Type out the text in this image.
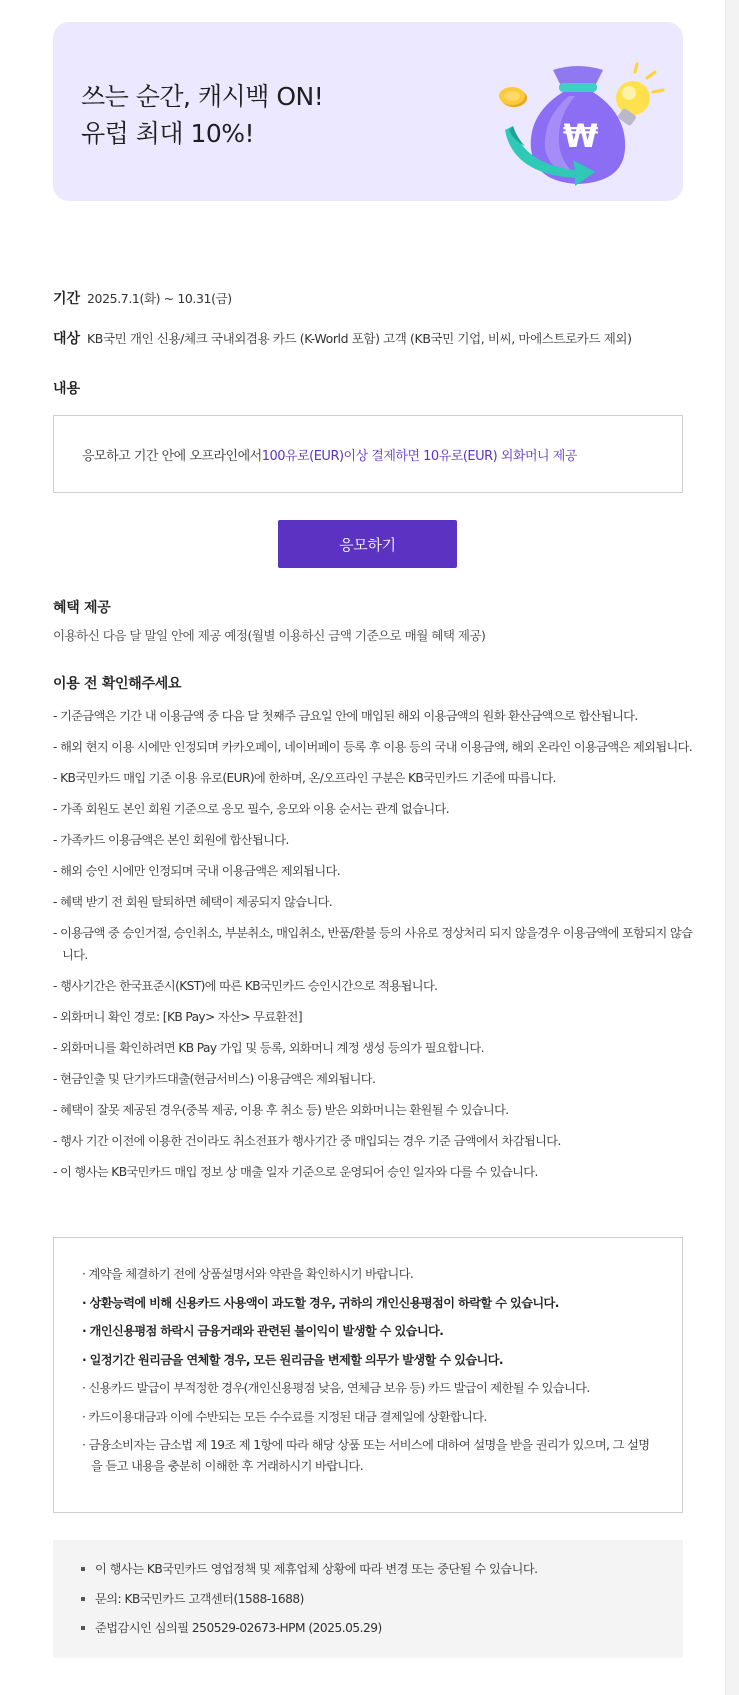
쓰는 순간, 캐시백 ON!
유럽 최대 10%!	₩
기간 2025.7.1(화) ~ 10.31(금)
대상 KB국민 개인 신용/체크 국내외겸용 카드 (K-World 포함) 고객 (KB국민 기업, 비씨, 마에스트로카드 제외)
내용
응모하고 기간 안에 오프라인에서 100유로(EUR)이상 결제하면 10유로(EUR) 외화머니 제공
응모하기
혜택 제공
이용하신 다음 달 말일 안에 제공 예정(월별 이용하신 금액 기준으로 매월 혜택 제공)
이용 전 확인해주세요
- 기준금액은 기간 내 이용금액 중 다음 달 첫째주 금요일 안에 매입된 해외 이용금액의 원화 환산금액으로 합산됩니다.
- 해외 현지 이용 시에만 인정되며 카카오페이, 네이버페이 등록 후 이용 등의 국내 이용금액, 해외 온라인 이용금액은 제외됩니다.
- KB국민카드 매입 기준 이용 유로(EUR)에 한하며, 온/오프라인 구분은 KB국민카드 기준에 따릅니다.
- 가족 회원도 본인 회원 기준으로 응모 필수, 응모와 이용 순서는 관계 없습니다.
- 가족카드 이용금액은 본인 회원에 합산됩니다.
- 해외 승인 시에만 인정되며 국내 이용금액은 제외됩니다.
- 혜택 받기 전 회원 탈퇴하면 혜택이 제공되지 않습니다.
- 이용금액 중 승인거절, 승인취소, 부분취소, 매입취소, 반품/환불 등의 사유로 정상처리 되지 않을경우 이용금액에 포함되지 않습니다.
- 행사기간은 한국표준시(KST)에 따른 KB국민카드 승인시간으로 적용됩니다.
- 외화머니 확인 경로: [KB Pay> 자산> 무료환전]
- 외화머니를 확인하려면 KB Pay 가입 및 등록, 외화머니 계정 생성 등의가 필요합니다.
- 현금인출 및 단기카드대출(현금서비스) 이용금액은 제외됩니다.
- 혜택이 잘못 제공된 경우(중복 제공, 이용 후 취소 등) 받은 외화머니는 환원될 수 있습니다.
- 행사 기간 이전에 이용한 건이라도 취소전표가 행사기간 중 매입되는 경우 기준 금액에서 차감됩니다.
- 이 행사는 KB국민카드 매입 정보 상 매출 일자 기준으로 운영되어 승인 일자와 다를 수 있습니다.
· 계약을 체결하기 전에 상품설명서와 약관을 확인하시기 바랍니다.
· 상환능력에 비해 신용카드 사용액이 과도할 경우, 귀하의 개인신용평점이 하락할 수 있습니다.
· 개인신용평점 하락시 금융거래와 관련된 불이익이 발생할 수 있습니다.
· 일정기간 원리금을 연체할 경우, 모든 원리금을 변제할 의무가 발생할 수 있습니다.
· 신용카드 발급이 부적정한 경우(개인신용평점 낮음, 연체금 보유 등) 카드 발급이 제한될 수 있습니다.
· 카드이용대금과 이에 수반되는 모든 수수료를 지정된 대금 결제일에 상환합니다.
· 금융소비자는 금소법 제 19조 제 1항에 따라 해당 상품 또는 서비스에 대하여 설명을 받을 권리가 있으며, 그 설명을 듣고 내용을 충분히 이해한 후 거래하시기 바랍니다.
이 행사는 KB국민카드 영업정책 및 제휴업체 상황에 따라 변경 또는 중단될 수 있습니다.
문의: KB국민카드 고객센터(1588-1688)
준법감시인 심의필 250529-02673-HPM (2025.05.29)
